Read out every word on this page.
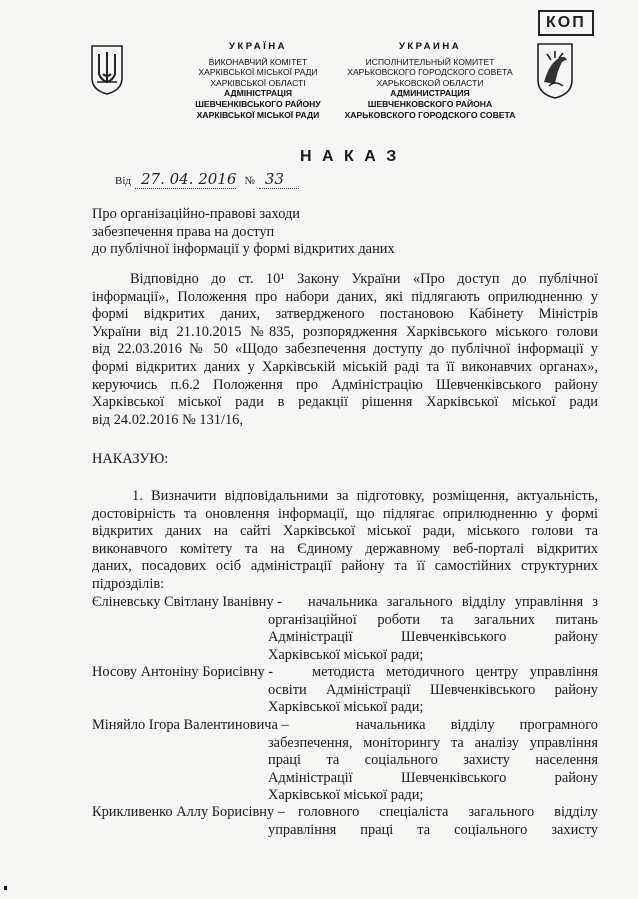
УКРАЇНА
ВИКОНАВЧИЙ КОМІТЕТ
ХАРКІВСЬКОЇ МІСЬКОЇ РАДИ
ХАРКІВСЬКОЇ ОБЛАСТІ
АДМІНІСТРАЦІЯ
ШЕВЧЕНКІВСЬКОГО РАЙОНУ
ХАРКІВСЬКОЇ МІСЬКОЇ РАДИ
УКРАИНА
ИСПОЛНИТЕЛЬНЫЙ КОМИТЕТ
ХАРЬКОВСКОГО ГОРОДСКОГО СОВЕТА
ХАРЬКОВСКОЙ ОБЛАСТИ
АДМИНИСТРАЦИЯ
ШЕВЧЕНКОВСКОГО РАЙОНА
ХАРЬКОВСКОГО ГОРОДСКОГО СОВЕТА
КОП
Н А К А З
Від 27. 04. 2016 № 33
Про організаційно-правові заходи
забезпечення права на доступ
до публічної інформації у формі відкритих даних
Відповідно до ст. 10¹ Закону України «Про доступ до публічної
інформації», Положення про набори даних, які підлягають оприлюдненню у
формі відкритих даних, затвердженого постановою Кабінету Міністрів
України від 21.10.2015 №835, розпорядження Харківського міського голови
від 22.03.2016 № 50 «Щодо забезпечення доступу до публічної інформації у
формі відкритих даних у Харківській міській раді та її виконавчих органах»,
керуючись п.6.2 Положення про Адміністрацію Шевченківського району
Харківської міської ради в редакції рішення Харківської міської ради
від 24.02.2016 № 131/16,
НАКАЗУЮ:
1. Визначити відповідальними за підготовку, розміщення, актуальність,
достовірність та оновлення інформації, що підлягає оприлюдненню у формі
відкритих даних на сайті Харківської міської ради, міського голови та
виконавчого комітету та на Єдиному державному веб-порталі відкритих
даних, посадових осіб адміністрації району та її самостійних структурних
підрозділів:
Єліневську Світлану Іванівну - начальника загального відділу управління з
організаційної роботи та загальних питань
Адміністрації Шевченківського району
Харківської міської ради;
Носову Антоніну Борисівну -	методиста методичного центру управління
освіти Адміністрації Шевченківського району
Харківської міської ради;
Міняйло Ігора Валентиновича –	начальника відділу програмного
забезпечення, моніторингу та аналізу управління
праці та соціального захисту населення
Адміністрації Шевченківського району
Харківської міської ради;
Крикливенко Аллу Борисівну – головного спеціаліста загального відділу
управління праці та соціального захисту
